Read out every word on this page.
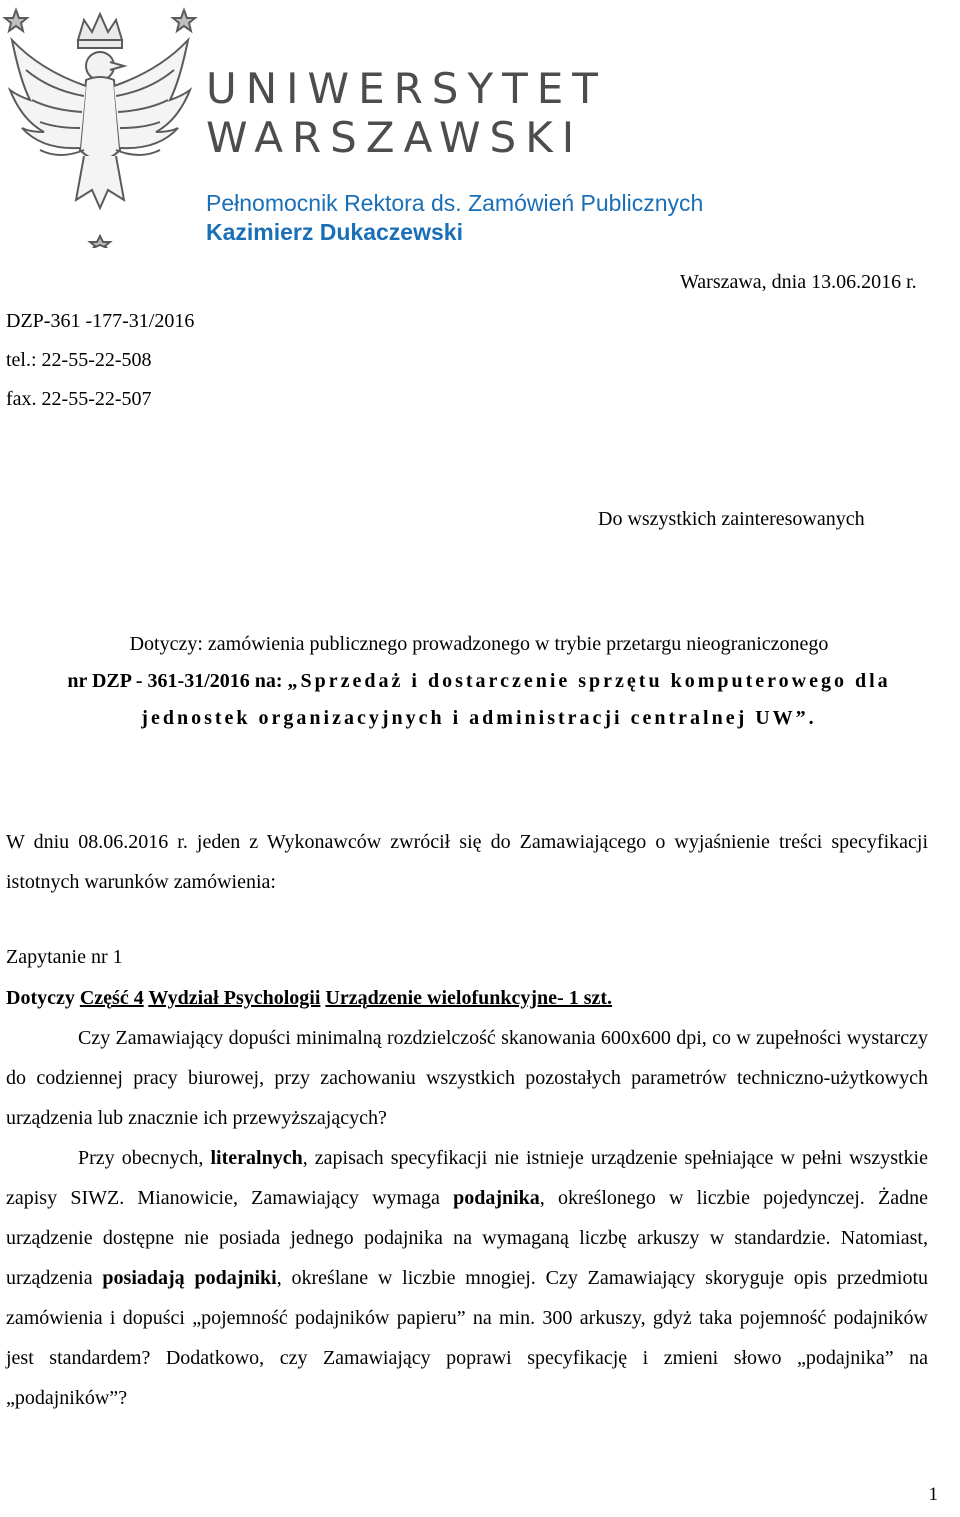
UNIWERSYTET
WARSZAWSKI
Pełnomocnik Rektora ds. Zamówień Publicznych
Kazimierz Dukaczewski
Warszawa, dnia 13.06.2016 r.
DZP-361 -177-31/2016
tel.: 22-55-22-508
fax. 22-55-22-507
Do wszystkich zainteresowanych
Dotyczy: zamówienia publicznego prowadzonego w trybie przetargu nieograniczonego
nr DZP - 361-31/2016 na: „Sprzedaż i dostarczenie sprzętu komputerowego dla jednostek organizacyjnych i administracji centralnej UW”.
W dniu 08.06.2016 r. jeden z Wykonawców zwrócił się do Zamawiającego o wyjaśnienie treści specyfikacji istotnych warunków zamówienia:
Zapytanie nr 1
Dotyczy Część 4 Wydział Psychologii Urządzenie wielofunkcyjne- 1 szt.
Czy Zamawiający dopuści minimalną rozdzielczość skanowania 600x600 dpi, co w zupełności wystarczy do codziennej pracy biurowej, przy zachowaniu wszystkich pozostałych parametrów techniczno-użytkowych urządzenia lub znacznie ich przewyższających?
Przy obecnych, literalnych, zapisach specyfikacji nie istnieje urządzenie spełniające w pełni wszystkie zapisy SIWZ. Mianowicie, Zamawiający wymaga podajnika, określonego w liczbie pojedynczej. Żadne urządzenie dostępne nie posiada jednego podajnika na wymaganą liczbę arkuszy w standardzie. Natomiast, urządzenia posiadają podajniki, określane w liczbie mnogiej. Czy Zamawiający skoryguje opis przedmiotu zamówienia i dopuści „pojemność podajników papieru” na min. 300 arkuszy, gdyż taka pojemność podajników jest standardem? Dodatkowo, czy Zamawiający poprawi specyfikację i zmieni słowo „podajnika” na „podajników”?
1
